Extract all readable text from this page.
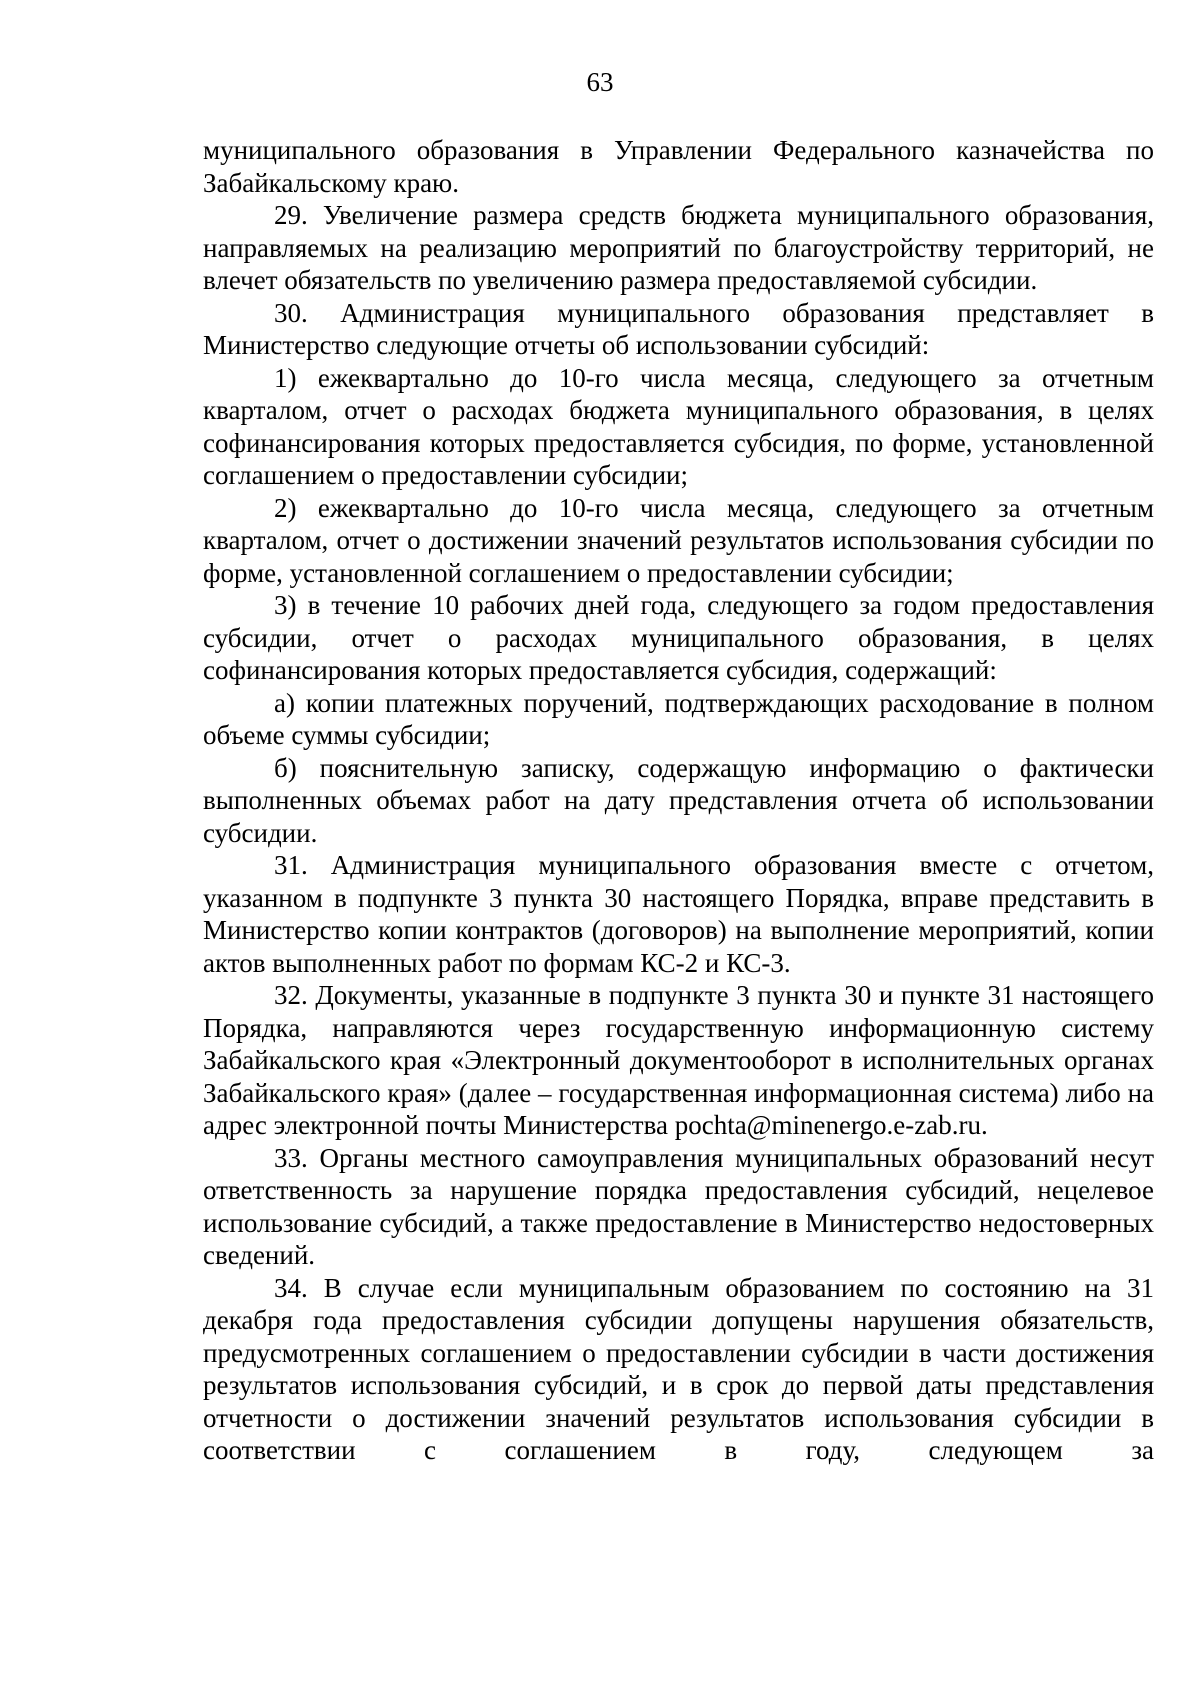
63

муниципального образования в Управлении Федерального казначейства по Забайкальскому краю.

29. Увеличение размера средств бюджета муниципального образования, направляемых на реализацию мероприятий по благоустройству территорий, не влечет обязательств по увеличению размера предоставляемой субсидии.

30. Администрация муниципального образования представляет в Министерство следующие отчеты об использовании субсидий:

1) ежеквартально до 10-го числа месяца, следующего за отчетным кварталом, отчет о расходах бюджета муниципального образования, в целях софинансирования которых предоставляется субсидия, по форме, установленной соглашением о предоставлении субсидии;

2) ежеквартально до 10-го числа месяца, следующего за отчетным кварталом, отчет о достижении значений результатов использования субсидии по форме, установленной соглашением о предоставлении субсидии;

3) в течение 10 рабочих дней года, следующего за годом предоставления субсидии, отчет о расходах муниципального образования, в целях софинансирования которых предоставляется субсидия, содержащий:

а) копии платежных поручений, подтверждающих расходование в полном объеме суммы субсидии;

б) пояснительную записку, содержащую информацию о фактически выполненных объемах работ на дату представления отчета об использовании субсидии.

31. Администрация муниципального образования вместе с отчетом, указанном в подпункте 3 пункта 30 настоящего Порядка, вправе представить в Министерство копии контрактов (договоров) на выполнение мероприятий, копии актов выполненных работ по формам КС-2 и КС-3.

32. Документы, указанные в подпункте 3 пункта 30 и пункте 31 настоящего Порядка, направляются через государственную информационную систему Забайкальского края «Электронный документооборот в исполнительных органах Забайкальского края» (далее – государственная информационная система) либо на адрес электронной почты Министерства pochta@minenergo.e-zab.ru.

33. Органы местного самоуправления муниципальных образований несут ответственность за нарушение порядка предоставления субсидий, нецелевое использование субсидий, а также предоставление в Министерство недостоверных сведений.

34. В случае если муниципальным образованием по состоянию на 31 декабря года предоставления субсидии допущены нарушения обязательств, предусмотренных соглашением о предоставлении субсидии в части достижения результатов использования субсидий, и в срок до первой даты представления отчетности о достижении значений результатов использования субсидии в соответствии с соглашением в году, следующем за
